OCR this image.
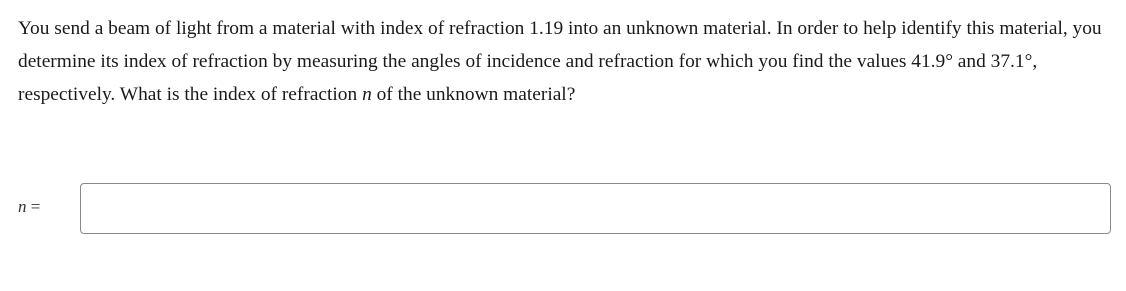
You send a beam of light from a material with index of refraction 1.19 into an unknown material. In order to help identify this material, you determine its index of refraction by measuring the angles of incidence and refraction for which you find the values 41.9° and 37.1°, respectively. What is the index of refraction n of the unknown material?

n =
